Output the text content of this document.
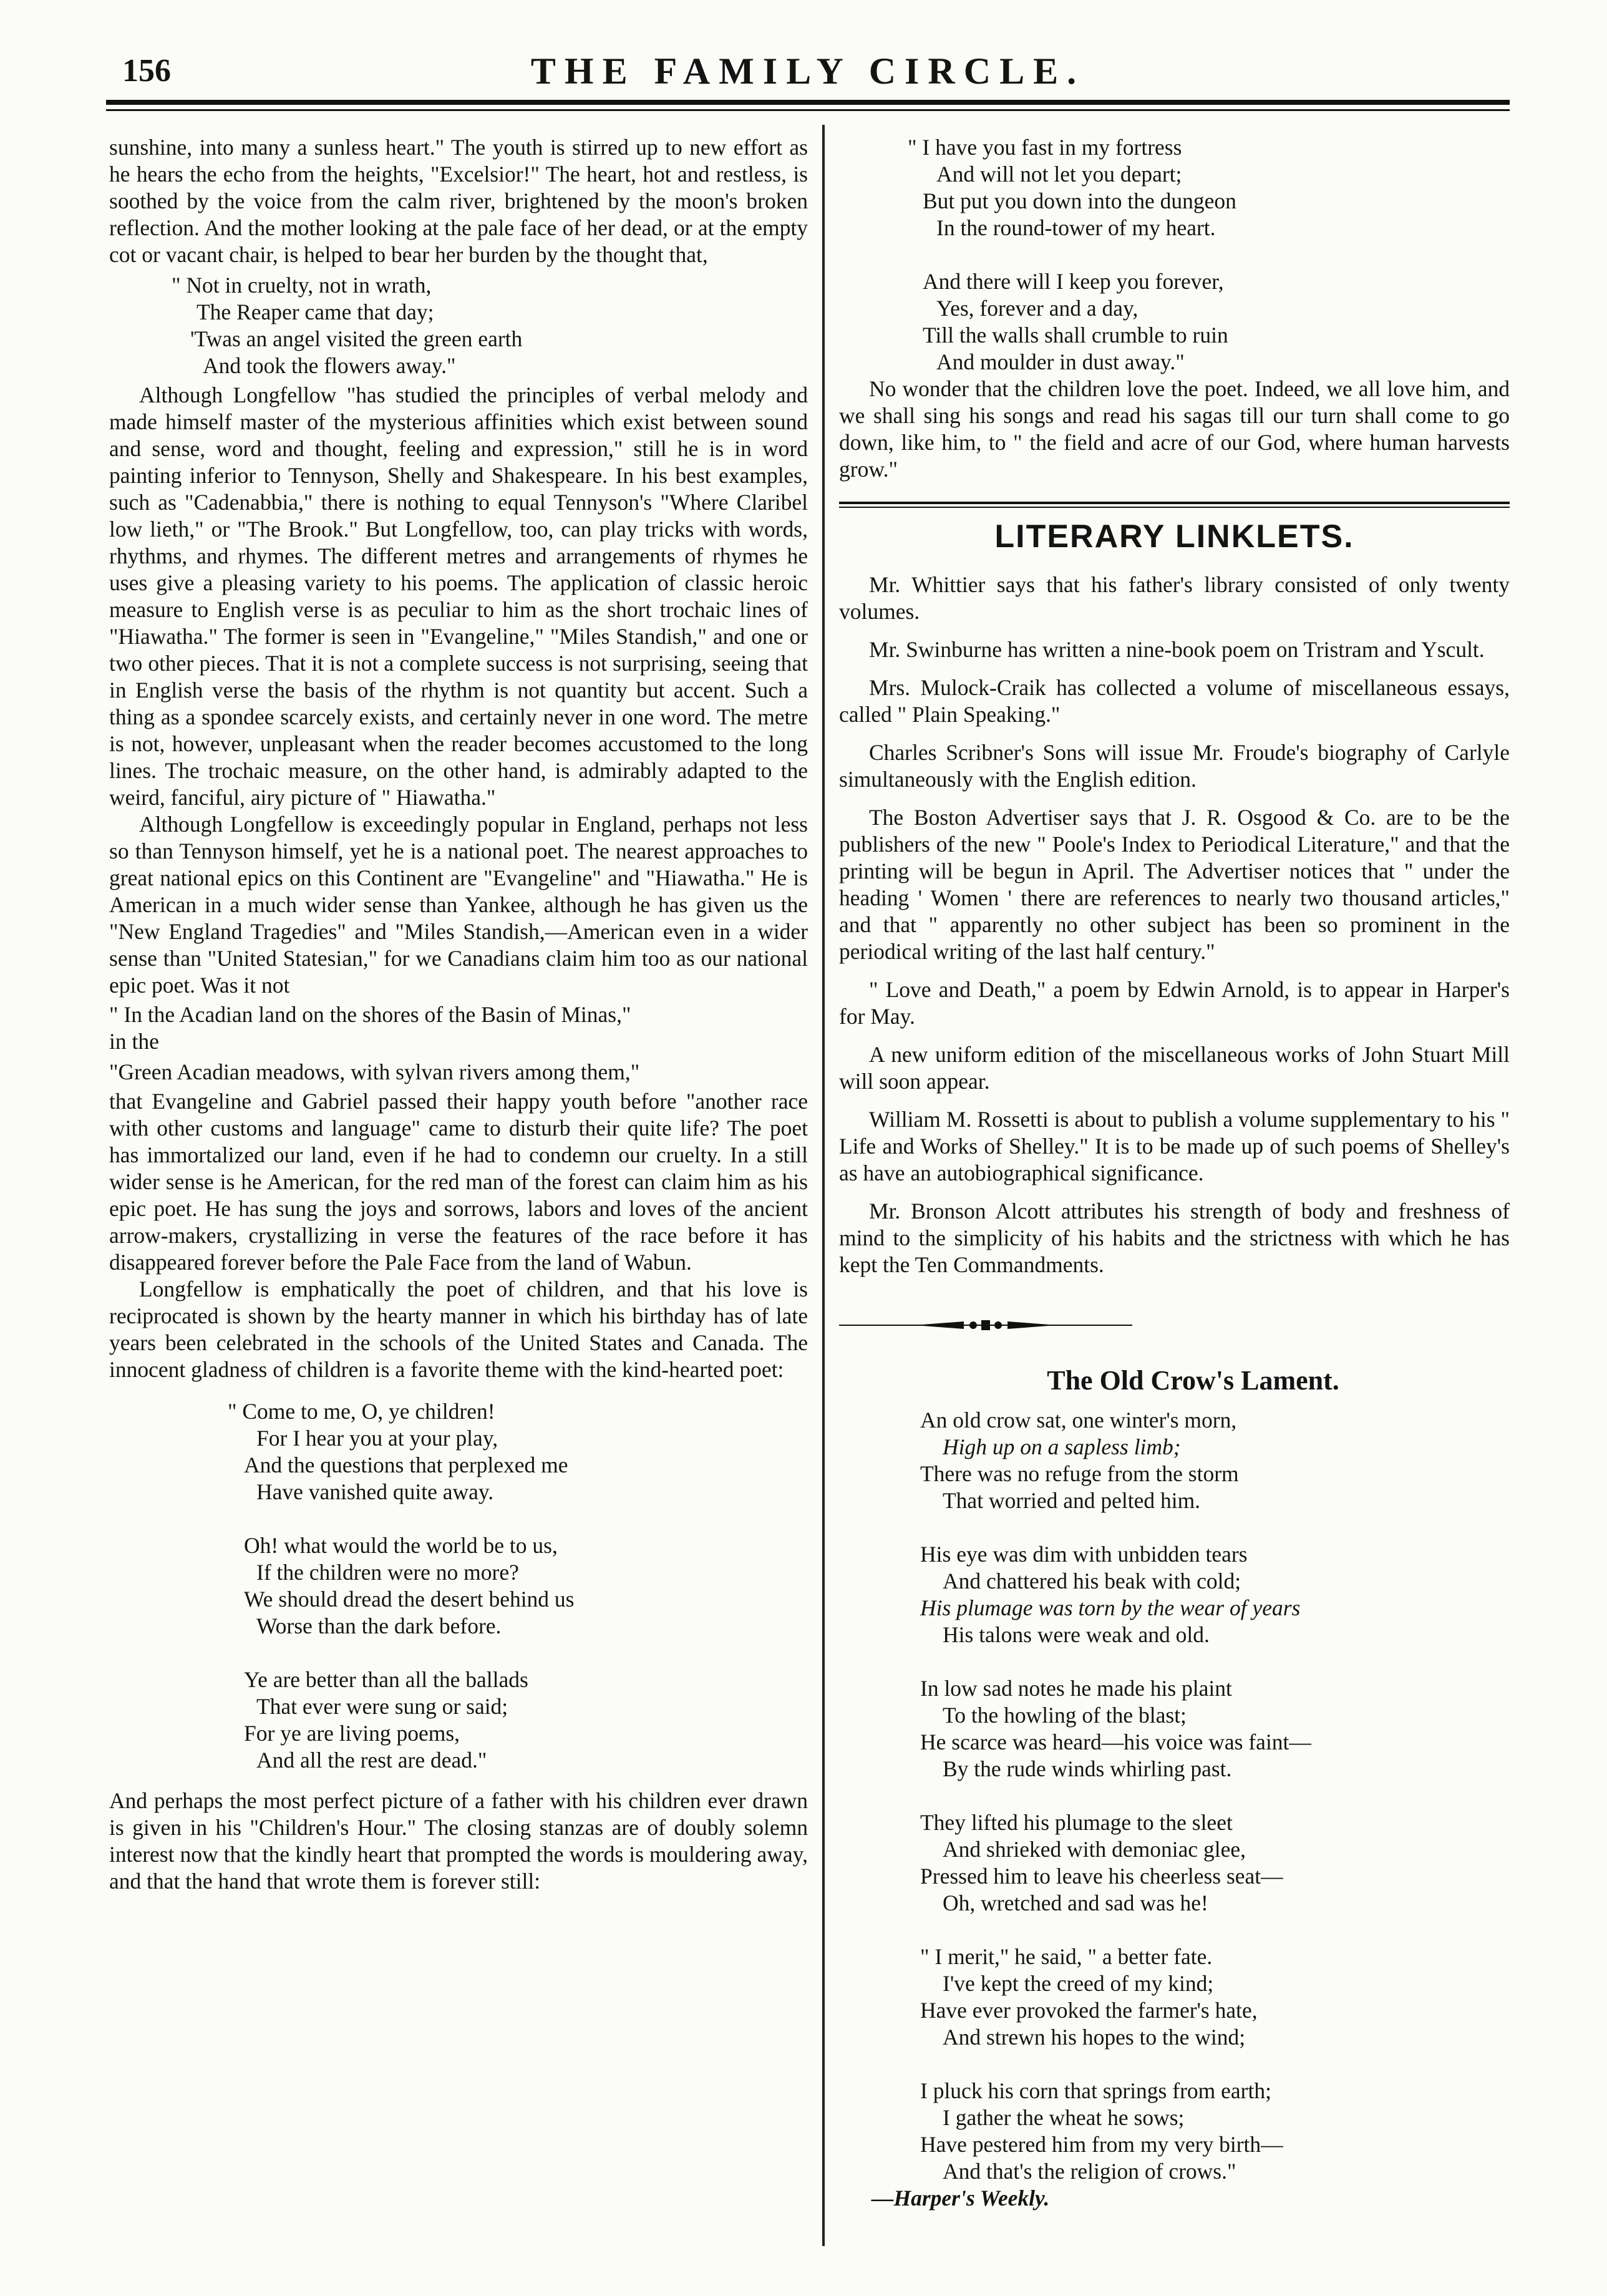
156	THE FAMILY CIRCLE.

sunshine, into many a sunless heart." The youth is stirred up to new effort as he hears the echo from the heights, "Excelsior!" The heart, hot and restless, is soothed by the voice from the calm river, brightened by the moon's broken reflection. And the mother looking at the pale face of her dead, or at the empty cot or vacant chair, is helped to bear her burden by the thought that,

" Not in cruelty, not in wrath,
The Reaper came that day;
'Twas an angel visited the green earth
And took the flowers away."

Although Longfellow "has studied the principles of verbal melody and made himself master of the mysterious affinities which exist between sound and sense, word and thought, feeling and expression," still he is in word painting inferior to Tennyson, Shelly and Shakespeare. In his best examples, such as "Cadenabbia," there is nothing to equal Tennyson's "Where Claribel low lieth," or "The Brook." But Longfellow, too, can play tricks with words, rhythms, and rhymes. The different metres and arrangements of rhymes he uses give a pleasing variety to his poems. The application of classic heroic measure to English verse is as peculiar to him as the short trochaic lines of "Hiawatha." The former is seen in "Evangeline," "Miles Standish," and one or two other pieces. That it is not a complete success is not surprising, seeing that in English verse the basis of the rhythm is not quantity but accent. Such a thing as a spondee scarcely exists, and certainly never in one word. The metre is not, however, unpleasant when the reader becomes accustomed to the long lines. The trochaic measure, on the other hand, is admirably adapted to the weird, fanciful, airy picture of " Hiawatha."

Although Longfellow is exceedingly popular in England, perhaps not less so than Tennyson himself, yet he is a national poet. The nearest approaches to great national epics on this Continent are "Evangeline" and "Hiawatha." He is American in a much wider sense than Yankee, although he has given us the "New England Tragedies" and "Miles Standish,—American even in a wider sense than "United Statesian," for we Canadians claim him too as our national epic poet. Was it not

" In the Acadian land on the shores of the Basin of Minas,"
in the
"Green Acadian meadows, with sylvan rivers among them,"

that Evangeline and Gabriel passed their happy youth before "another race with other customs and language" came to disturb their quite life? The poet has immortalized our land, even if he had to condemn our cruelty. In a still wider sense is he American, for the red man of the forest can claim him as his epic poet. He has sung the joys and sorrows, labors and loves of the ancient arrow-makers, crystallizing in verse the features of the race before it has disappeared forever before the Pale Face from the land of Wabun.

Longfellow is emphatically the poet of children, and that his love is reciprocated is shown by the hearty manner in which his birthday has of late years been celebrated in the schools of the United States and Canada. The innocent gladness of children is a favorite theme with the kind-hearted poet:

" Come to me, O, ye children!
For I hear you at your play,
And the questions that perplexed me
Have vanished quite away.
Oh! what would the world be to us,
If the children were no more?
We should dread the desert behind us
Worse than the dark before.
Ye are better than all the ballads
That ever were sung or said;
For ye are living poems,
And all the rest are dead."

And perhaps the most perfect picture of a father with his children ever drawn is given in his "Children's Hour." The closing stanzas are of doubly solemn interest now that the kindly heart that prompted the words is mouldering away, and that the hand that wrote them is forever still:

" I have you fast in my fortress
And will not let you depart;
But put you down into the dungeon
In the round-tower of my heart.
And there will I keep you forever,
Yes, forever and a day,
Till the walls shall crumble to ruin
And moulder in dust away."

No wonder that the children love the poet. Indeed, we all love him, and we shall sing his songs and read his sagas till our turn shall come to go down, like him, to " the field and acre of our God, where human harvests grow."

LITERARY LINKLETS.

Mr. Whittier says that his father's library consisted of only twenty volumes.

Mr. Swinburne has written a nine-book poem on Tristram and Yscult.

Mrs. Mulock-Craik has collected a volume of miscellaneous essays, called " Plain Speaking."

Charles Scribner's Sons will issue Mr. Froude's biography of Carlyle simultaneously with the English edition.

The Boston Advertiser says that J. R. Osgood & Co. are to be the publishers of the new " Poole's Index to Periodical Literature," and that the printing will be begun in April. The Advertiser notices that " under the heading ' Women ' there are references to nearly two thousand articles," and that " apparently no other subject has been so prominent in the periodical writing of the last half century."

" Love and Death," a poem by Edwin Arnold, is to appear in Harper's for May.

A new uniform edition of the miscellaneous works of John Stuart Mill will soon appear.

William M. Rossetti is about to publish a volume supplementary to his " Life and Works of Shelley." It is to be made up of such poems of Shelley's as have an autobiographical significance.

Mr. Bronson Alcott attributes his strength of body and freshness of mind to the simplicity of his habits and the strictness with which he has kept the Ten Commandments.

The Old Crow's Lament.
An old crow sat, one winter's morn,
High up on a sapless limb;
There was no refuge from the storm
That worried and pelted him.
His eye was dim with unbidden tears
And chattered his beak with cold;
His plumage was torn by the wear of years
His talons were weak and old.
In low sad notes he made his plaint
To the howling of the blast;
He scarce was heard—his voice was faint—
By the rude winds whirling past.
They lifted his plumage to the sleet
And shrieked with demoniac glee,
Pressed him to leave his cheerless seat—
Oh, wretched and sad was he!
" I merit," he said, " a better fate.
I've kept the creed of my kind;
Have ever provoked the farmer's hate,
And strewn his hopes to the wind;
I pluck his corn that springs from earth;
I gather the wheat he sows;
Have pestered him from my very birth—
And that's the religion of crows."
—Harper's Weekly.
